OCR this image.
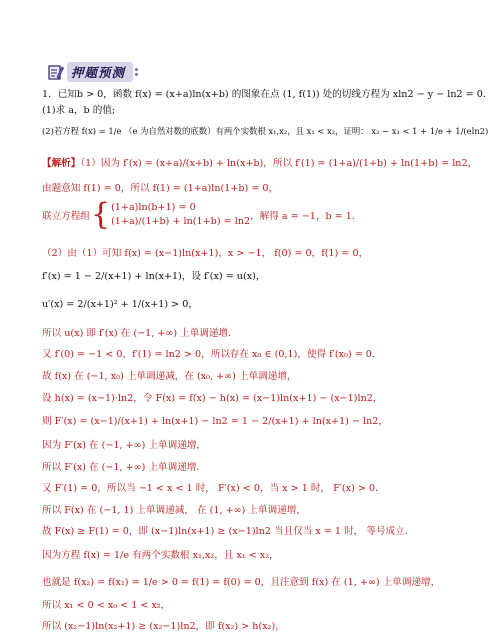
押题预测
1．已知b > 0，函数 f(x) = (x+a)ln(x+b) 的图象在点 (1, f(1)) 处的切线方程为 xln2 − y − ln2 = 0．
(1)求 a，b 的值;
(2)若方程 f(x) = 1/e （e 为自然对数的底数）有两个实数根 x₁,x₂，且 x₁ < x₂，证明： x₂ − x₁ < 1 + 1/e + 1/(eln2)
【解析】（1）因为 f′(x) = (x+a)/(x+b) + ln(x+b)，所以 f′(1) = (1+a)/(1+b) + ln(1+b) = ln2，
由题意知 f(1) = 0，所以 f(1) = (1+a)ln(1+b) = 0，
联立方程组 { (1+a)ln(b+1) = 0
(1+a)/(1+b) + ln(1+b) = ln2 ，解得 a = −1，b = 1．
（2）由（1）可知 f(x) = (x−1)ln(x+1)，x > −1， f(0) = 0，f(1) = 0，
f′(x) = 1 − 2/(x+1) + ln(x+1)，设 f′(x) = u(x)，
u′(x) = 2/(x+1)² + 1/(x+1) > 0，
所以 u(x) 即 f′(x) 在 (−1, +∞) 上单调递增．
又 f′(0) = −1 < 0，f′(1) = ln2 > 0，所以存在 x₀ ∈ (0,1)，使得 f′(x₀) = 0．
故 f(x) 在 (−1, x₀) 上单调递减，在 (x₀, +∞) 上单调递增，
设 h(x) = (x−1)·ln2，令 F(x) = f(x) − h(x) = (x−1)ln(x+1) − (x−1)ln2，
则 F′(x) = (x−1)/(x+1) + ln(x+1) − ln2 = 1 − 2/(x+1) + ln(x+1) − ln2，
因为 F′(x) 在 (−1, +∞) 上单调递增，
所以 F′(x) 在 (−1, +∞) 上单调递增．
又 F′(1) = 0，所以当 −1 < x < 1 时， F′(x) < 0，当 x > 1 时， F′(x) > 0．
所以 F(x) 在 (−1, 1) 上单调递减， 在 (1, +∞) 上单调递增，
故 F(x) ≥ F(1) = 0，即 (x−1)ln(x+1) ≥ (x−1)ln2 当且仅当 x = 1 时， 等号成立．
因为方程 f(x) = 1/e 有两个实数根 x₁,x₂，且 x₁ < x₂，
也就是 f(x₂) = f(x₁) = 1/e > 0 = f(1) = f(0) = 0，且注意到 f(x) 在 (1, +∞) 上单调递增，
所以 x₁ < 0 < x₀ < 1 < x₂，
所以 (x₂−1)ln(x₂+1) ≥ (x₂−1)ln2，即 f(x₂) > h(x₂)，
